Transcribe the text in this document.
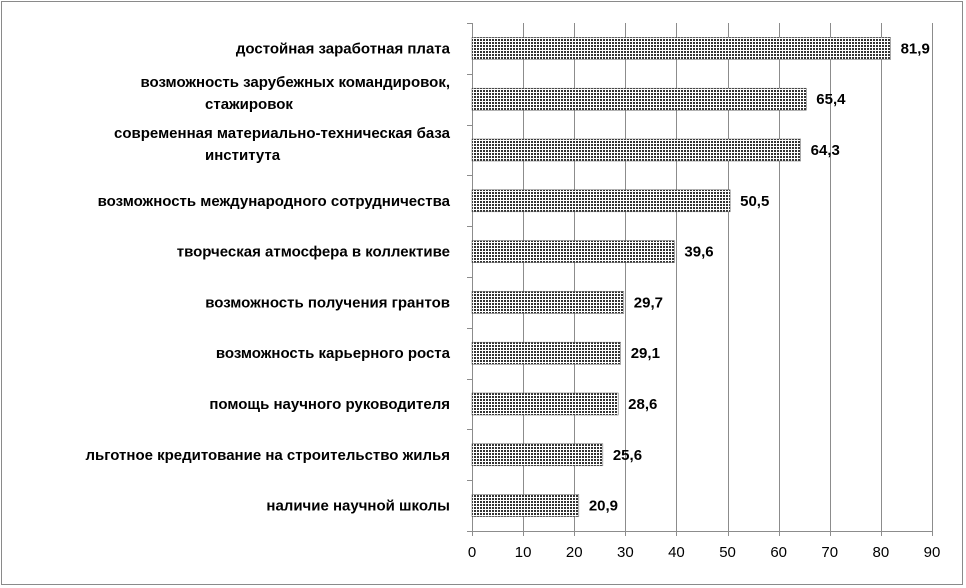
достойная заработная плата
возможность зарубежных командировок,
стажировок
современная материально-техническая база
института
возможность международного сотрудничества
творческая атмосфера в коллективе
возможность получения грантов
возможность карьерного роста
помощь научного руководителя
льготное кредитование на строительство жилья
наличие научной школы
81,9
65,4
64,3
50,5
39,6
29,7
29,1
28,6
25,6
20,9
0	10 20 30 40 50 60 70 80 90
